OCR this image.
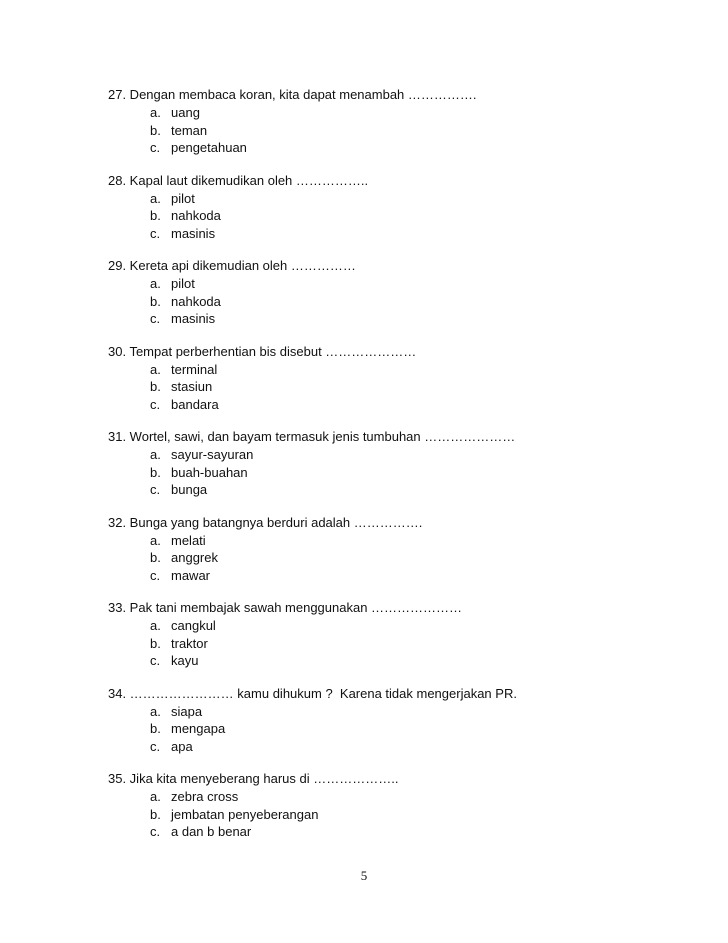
27. Dengan membaca koran, kita dapat menambah …………….
a. uang
b. teman
c. pengetahuan
28. Kapal laut dikemudikan oleh ……………..
a. pilot
b. nahkoda
c. masinis
29. Kereta api dikemudian oleh ……………
a. pilot
b. nahkoda
c. masinis
30. Tempat perberhentian bis disebut …………………
a. terminal
b. stasiun
c. bandara
31. Wortel, sawi, dan bayam termasuk jenis tumbuhan …………………
a. sayur-sayuran
b. buah-buahan
c. bunga
32. Bunga yang batangnya berduri adalah …………….
a. melati
b. anggrek
c. mawar
33. Pak tani membajak sawah menggunakan …………………
a. cangkul
b. traktor
c. kayu
34. …………………… kamu dihukum ?  Karena tidak mengerjakan PR.
a. siapa
b. mengapa
c. apa
35. Jika kita menyeberang harus di ………………..
a. zebra cross
b. jembatan penyeberangan
c. a dan b benar
5
